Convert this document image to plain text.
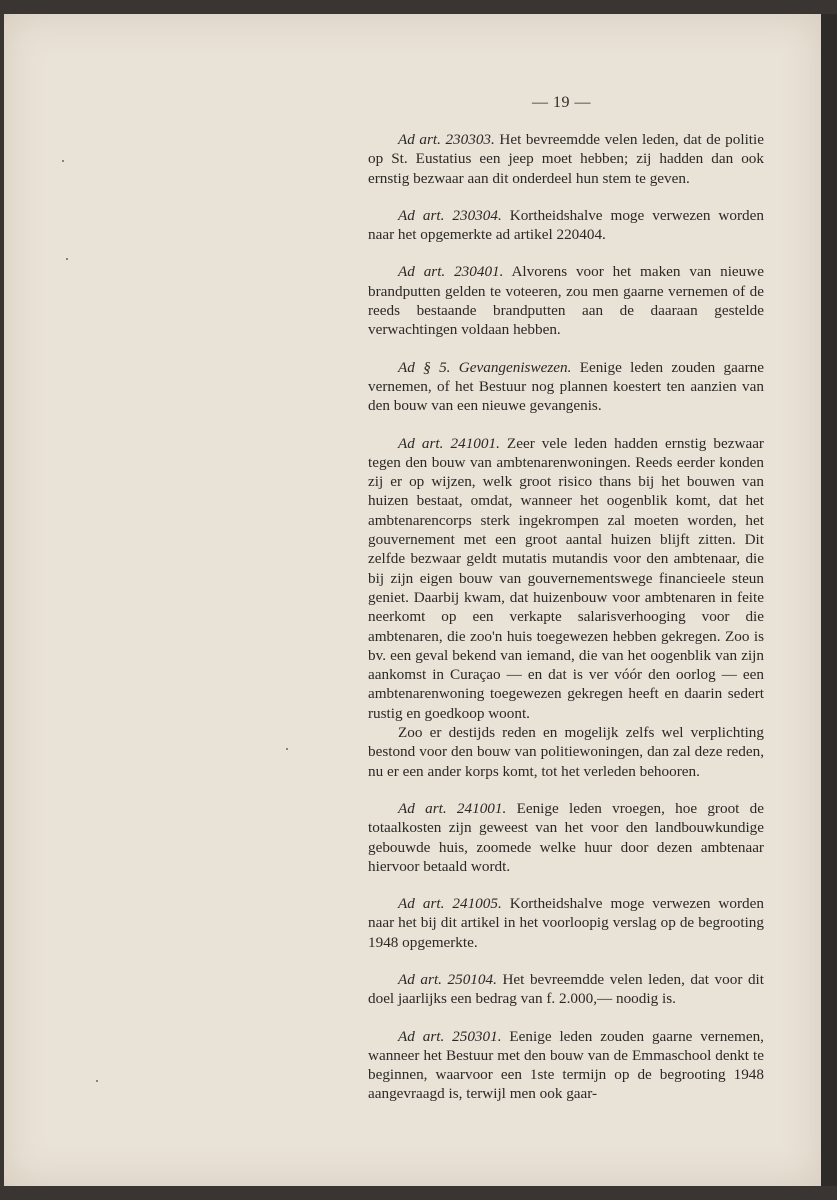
— 19 —

Ad art. 230303. Het bevreemdde velen leden, dat de politie op St. Eustatius een jeep moet hebben; zij hadden dan ook ernstig bezwaar aan dit onderdeel hun stem te geven.

Ad art. 230304. Kortheidshalve moge verwezen worden naar het opgemerkte ad artikel 220404.

Ad art. 230401. Alvorens voor het maken van nieuwe brandputten gelden te voteeren, zou men gaarne vernemen of de reeds bestaande brandputten aan de daaraan gestelde verwachtingen voldaan hebben.

Ad § 5. Gevangeniswezen. Eenige leden zouden gaarne vernemen, of het Bestuur nog plannen koestert ten aanzien van den bouw van een nieuwe gevangenis.

Ad art. 241001. Zeer vele leden hadden ernstig bezwaar tegen den bouw van ambtenarenwoningen. Reeds eerder konden zij er op wijzen, welk groot risico thans bij het bouwen van huizen bestaat, omdat, wanneer het oogenblik komt, dat het ambtenarencorps sterk ingekrompen zal moeten worden, het gouvernement met een groot aantal huizen blijft zitten. Dit zelfde bezwaar geldt mutatis mutandis voor den ambtenaar, die bij zijn eigen bouw van gouvernementswege financieele steun geniet. Daarbij kwam, dat huizenbouw voor ambtenaren in feite neerkomt op een verkapte salarisverhooging voor die ambtenaren, die zoo'n huis toegewezen hebben gekregen. Zoo is bv. een geval bekend van iemand, die van het oogenblik van zijn aankomst in Curaçao — en dat is ver vóór den oorlog — een ambtenarenwoning toegewezen gekregen heeft en daarin sedert rustig en goedkoop woont.

Zoo er destijds reden en mogelijk zelfs wel verplichting bestond voor den bouw van politiewoningen, dan zal deze reden, nu er een ander korps komt, tot het verleden behooren.

Ad art. 241001. Eenige leden vroegen, hoe groot de totaalkosten zijn geweest van het voor den landbouwkundige gebouwde huis, zoomede welke huur door dezen ambtenaar hiervoor betaald wordt.

Ad art. 241005. Kortheidshalve moge verwezen worden naar het bij dit artikel in het voorloopig verslag op de begrooting 1948 opgemerkte.

Ad art. 250104. Het bevreemdde velen leden, dat voor dit doel jaarlijks een bedrag van f. 2.000,— noodig is.

Ad art. 250301. Eenige leden zouden gaarne vernemen, wanneer het Bestuur met den bouw van de Emmaschool denkt te beginnen, waarvoor een 1ste termijn op de begrooting 1948 aangevraagd is, terwijl men ook gaar-
